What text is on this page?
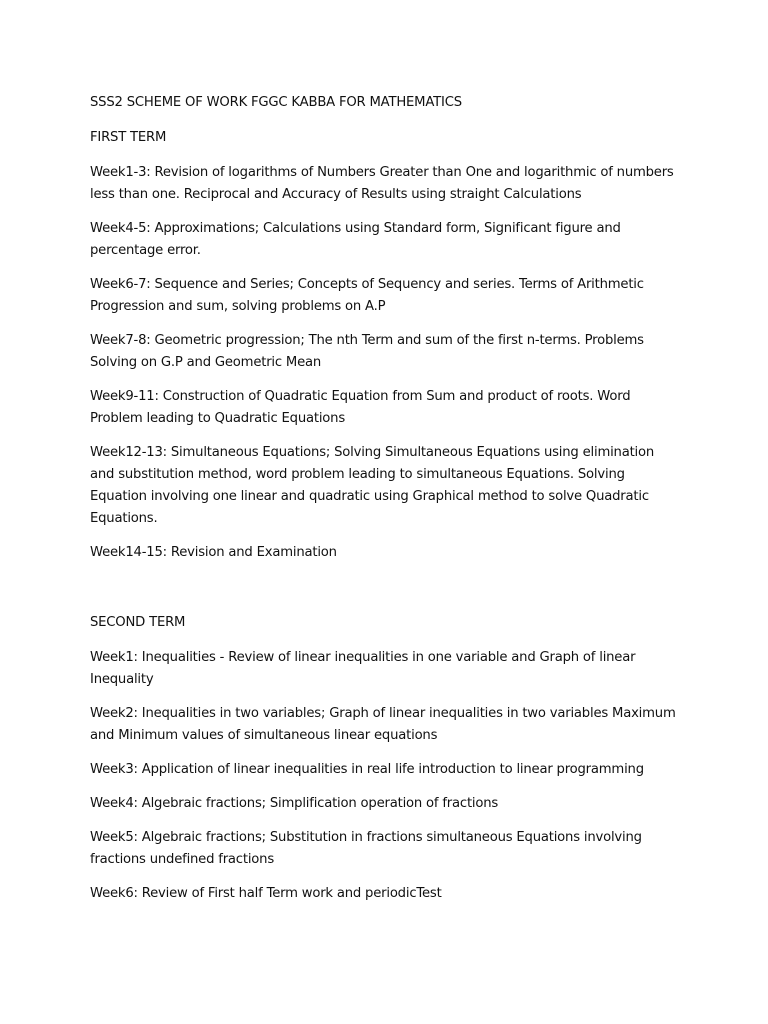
SSS2 SCHEME OF WORK FGGC KABBA FOR MATHEMATICS
FIRST TERM
Week1-3: Revision of logarithms of Numbers Greater than One and logarithmic of numbers less than one. Reciprocal and Accuracy of Results using straight Calculations
Week4-5: Approximations; Calculations using Standard form, Significant figure and percentage error.
Week6-7: Sequence and Series; Concepts of Sequency and series. Terms of Arithmetic Progression and sum, solving problems on A.P
Week7-8: Geometric progression; The nth Term and sum of the first n-terms. Problems Solving on G.P and Geometric Mean
Week9-11: Construction of Quadratic Equation from Sum and product of roots. Word Problem leading to Quadratic Equations
Week12-13: Simultaneous Equations; Solving Simultaneous Equations using elimination and substitution method, word problem leading to simultaneous Equations. Solving Equation involving one linear and quadratic using Graphical method to solve Quadratic Equations.
Week14-15: Revision and Examination
SECOND TERM
Week1: Inequalities - Review of linear inequalities in one variable and Graph of linear Inequality
Week2: Inequalities in two variables; Graph of linear inequalities in two variables Maximum and Minimum values of simultaneous linear equations
Week3: Application of linear inequalities in real life introduction to linear programming
Week4: Algebraic fractions; Simplification operation of fractions
Week5: Algebraic fractions; Substitution in fractions simultaneous Equations involving fractions undefined fractions
Week6: Review of First half Term work and periodicTest
